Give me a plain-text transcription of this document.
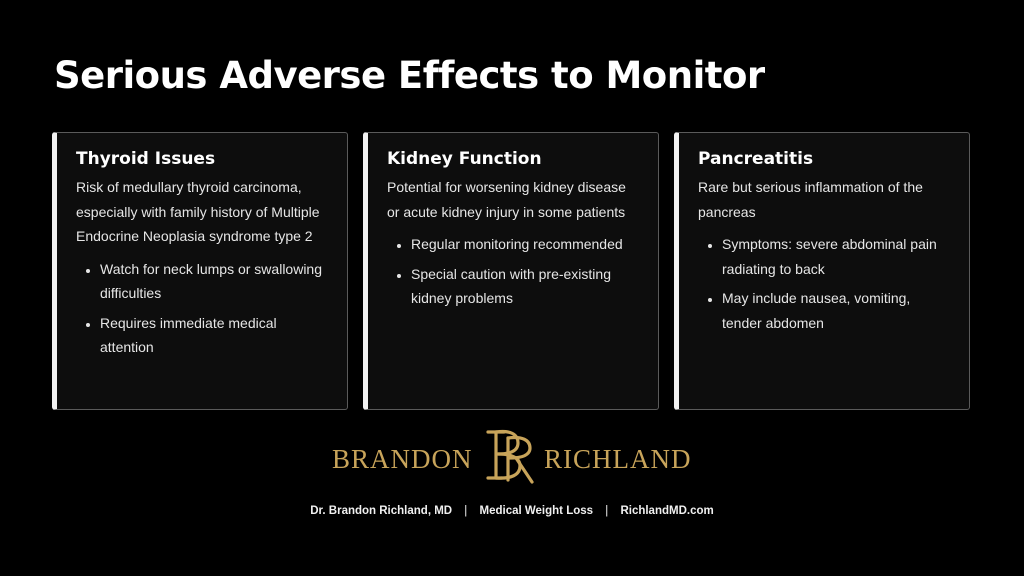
Serious Adverse Effects to Monitor
Thyroid Issues

Risk of medullary thyroid carcinoma, especially with family history of Multiple Endocrine Neoplasia syndrome type 2

• Watch for neck lumps or swallowing difficulties
• Requires immediate medical attention
Kidney Function

Potential for worsening kidney disease or acute kidney injury in some patients

• Regular monitoring recommended
• Special caution with pre-existing kidney problems
Pancreatitis

Rare but serious inflammation of the pancreas

• Symptoms: severe abdominal pain radiating to back
• May include nausea, vomiting, tender abdomen
BRANDON	RICHLAND
Dr. Brandon Richland, MD | Medical Weight Loss | RichlandMD.com
